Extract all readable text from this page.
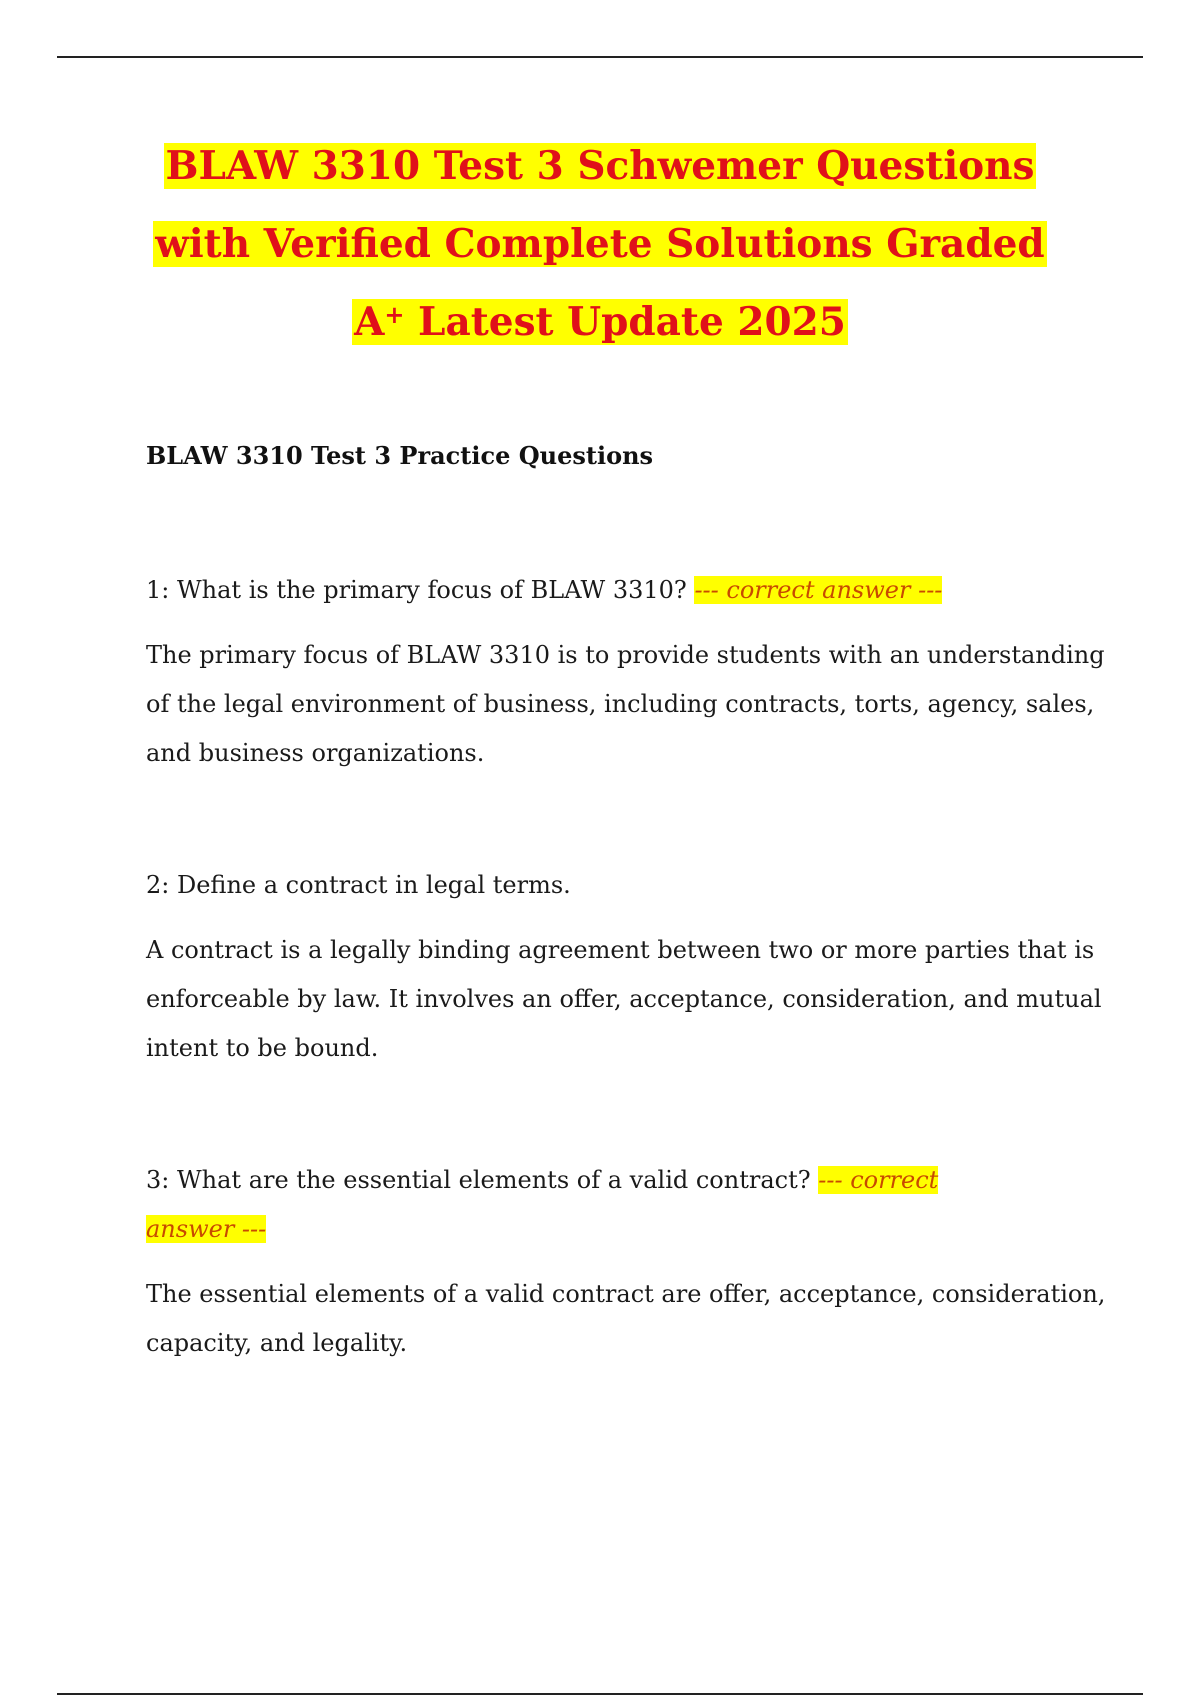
BLAW 3310 Test 3 Schwemer Questions
with Verified Complete Solutions Graded
A+ Latest Update 2025
BLAW 3310 Test 3 Practice Questions

1: What is the primary focus of BLAW 3310? --- correct answer ---

The primary focus of BLAW 3310 is to provide students with an understanding of the legal environment of business, including contracts, torts, agency, sales, and business organizations.

2: Define a contract in legal terms.

A contract is a legally binding agreement between two or more parties that is enforceable by law. It involves an offer, acceptance, consideration, and mutual intent to be bound.

3: What are the essential elements of a valid contract? --- correct
answer ---

The essential elements of a valid contract are offer, acceptance, consideration, capacity, and legality.
